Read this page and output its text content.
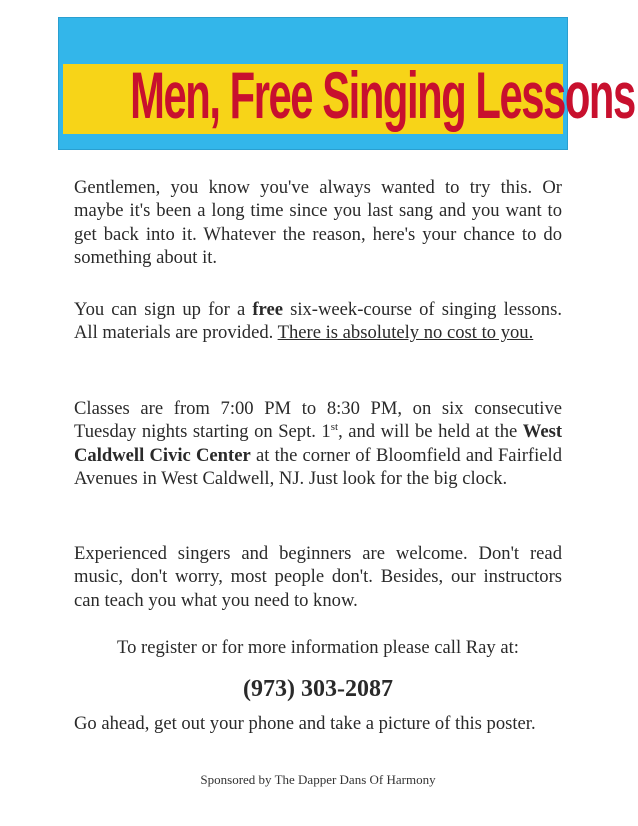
Men, Free Singing Lessons

Gentlemen, you know you've always wanted to try this. Or maybe it's been a long time since you last sang and you want to get back into it. Whatever the reason, here's your chance to do something about it.

You can sign up for a free six-week-course of singing lessons. All materials are provided. There is absolutely no cost to you.

Classes are from 7:00 PM to 8:30 PM, on six consecutive Tuesday nights starting on Sept. 1st, and will be held at the West Caldwell Civic Center at the corner of Bloomfield and Fairfield Avenues in West Caldwell, NJ. Just look for the big clock.

Experienced singers and beginners are welcome. Don't read music, don't worry, most people don't. Besides, our instructors can teach you what you need to know.

To register or for more information please call Ray at:

(973) 303-2087

Go ahead, get out your phone and take a picture of this poster.

Sponsored by The Dapper Dans Of Harmony
